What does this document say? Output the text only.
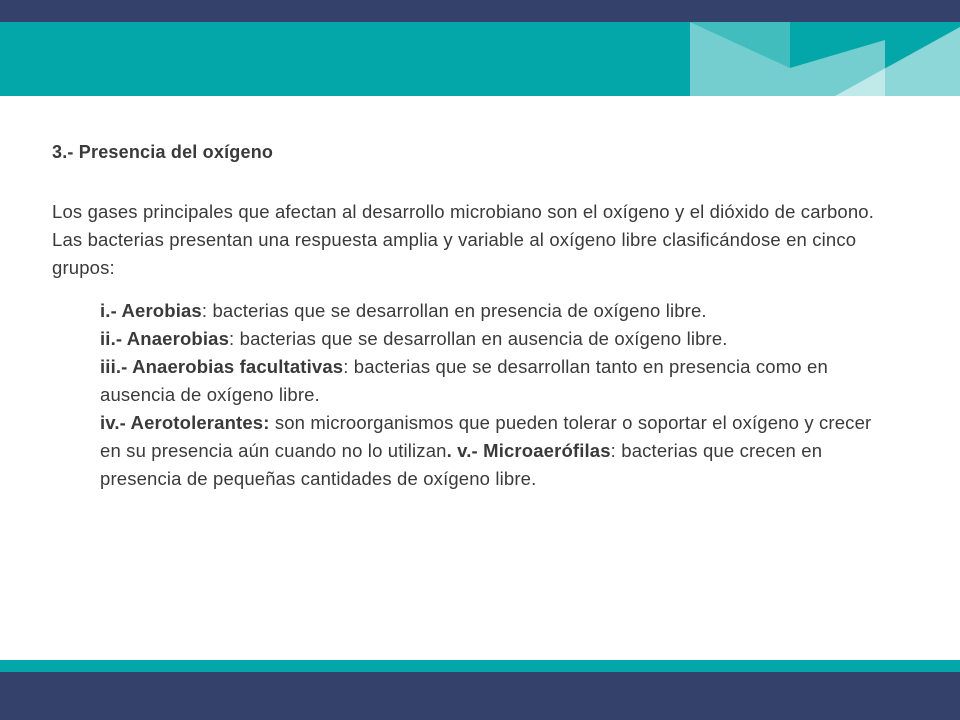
3.- Presencia del oxígeno

Los gases principales que afectan al desarrollo microbiano son el oxígeno y el dióxido de carbono. Las bacterias presentan una respuesta amplia y variable al oxígeno libre clasificándose en cinco grupos:

i.- Aerobias: bacterias que se desarrollan en presencia de oxígeno libre.
ii.- Anaerobias: bacterias que se desarrollan en ausencia de oxígeno libre.
iii.- Anaerobias facultativas: bacterias que se desarrollan tanto en presencia como en ausencia de oxígeno libre.
iv.- Aerotolerantes: son microorganismos que pueden tolerar o soportar el oxígeno y crecer en su presencia aún cuando no lo utilizan. v.- Microaerófilas: bacterias que crecen en presencia de pequeñas cantidades de oxígeno libre.
